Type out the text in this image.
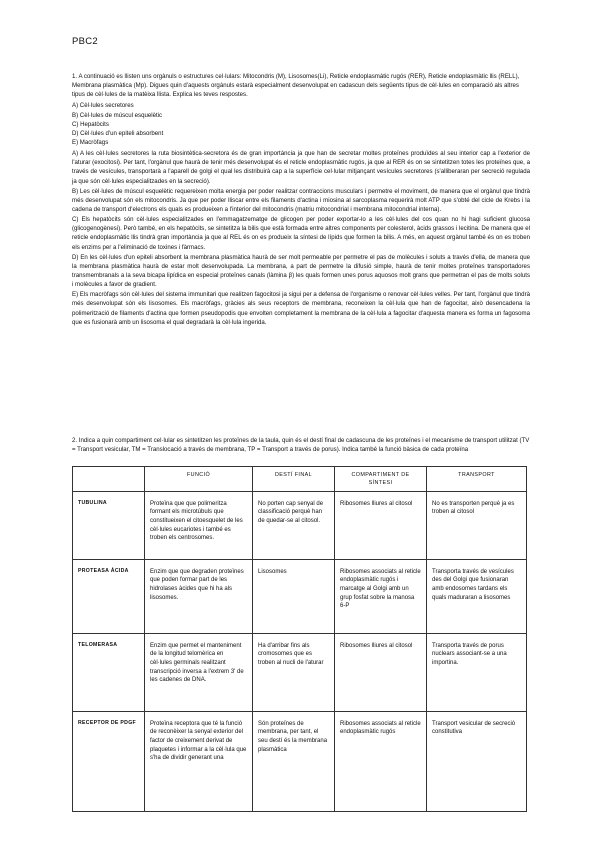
PBC2

1. A continuació es llisten uns orgànuls o estructures cel·lulars: Mitocondris (M), Lisosomes(Li), Reticle endoplasmàtic rugós (RER), Reticle endoplasmàtic llis (RELL), Membrana plasmàtica (Mp). Digues quin d'aquests orgànuls estarà especialment desenvolupat en cadascun dels següents tipus de cèl·lules en comparació als altres tipus de cèl·lules de la matèixa llista. Explica les teves respostes.

A) Cèl·lules secretores
B) Cèl·lules de múscul esquelètic
C) Hepatòcits
D) Cèl·lules d'un epiteli absorbent
E) Macròfags

A) A les cèl·lules secretores la ruta biosintètica-secretora és de gran importància ja que han de secretar moltes proteïnes produïdes al seu interior cap a l'exterior de l'aturar (exocitosi). Per tant, l'orgànul que haurà de tenir més desenvolupat és el reticle endoplasmàtic rugós, ja que al RER és on se sintetitzen totes les proteïnes que, a través de vesícules, transportarà a l'aparell de golgi el qual les distribuirà cap a la superfície cel·lular mitjançant vesícules secretores (s'alliberaran per secreció regulada ja que són cèl·lules especialitzades en la secreció).

B) Les cèl·lules de múscul esquelètic requereixen molta energia per poder realitzar contraccions musculars i permetre el moviment, de manera que el orgànul que tindrà més desenvolupat són els mitocondris. Ja que per poder lliscar entre els filaments d'actina i miosina al sarcoplasma requerirà molt ATP que s'obté del cicle de Krebs i la cadena de transport d'electrons els quals es produeixen a l'interior del mitocondris (matriu mitocondrial i membrana mitocondrial interna).

C) Els hepatòcits són cèl·lules especialitzades en l'emmagatzematge de glicogen per poder exportar-lo a les cèl·lules del cos quan no hi hagi suficient glucosa (glicogenogènesi). Però també, en els hepatòcits, se sintetitza la bilis que està formada entre altres components per colesterol, àcids grassos i lecitina. De manera que el reticle endoplasmàtic llis tindrà gran importància ja que al REL és on es produeix la síntesi de lípids que formen la bilis. A més, en aquest orgànul també és on es troben els enzims per a l'eliminació de toxines i fàrmacs.

D) En les cèl·lules d'un epiteli absorbent la membrana plasmàtica haurà de ser molt permeable per permetre el pas de molècules i soluts a través d'ella, de manera que la membrana plasmàtica haurà de estar molt desenvolupada. La membrana, a part de permetre la difusió simple, haurà de tenir moltes proteïnes transportadores transmembranals a la seva bicapa lipídica en especial proteïnes canals (làmina β) les quals formen unes porus aquosos molt grans que permetran el pas de molts soluts i molècules a favor de gradient.

E) Els macròfags són cèl·lules del sistema immunitari que realitzen fagocitosi ja sigui per a defensa de l'organisme o renovar cèl·lules velles. Per tant, l'orgànul que tindrà més desenvolupat són els lisosomes. Els macròfags, gràcies als seus receptors de membrana, reconeixen la cèl·lula que han de fagocitar, això desencadena la polimerització de filaments d'actina que formen pseudopodis que envolten completament la membrana de la cèl·lula a fagocitar d'aquesta manera es forma un fagosoma que es fusionarà amb un lisosoma el qual degradarà la cèl·lula ingerida.

2. Indica a quin compartiment cel·lular es sintetitzen les proteïnes de la taula, quin és el destí final de cadascuna de les proteïnes i el mecanisme de transport utilitzat (TV = Transport vesicular, TM = Translocació a través de membrana, TP = Transport a través de porus). Indica també la funció bàsica de cada proteïna

	FUNCIÓ	DESTÍ FINAL	COMPARTIMENT DE SÍNTESI	TRANSPORT
TUBULINA	Proteïna que que polimeritza formant els microtúbuls que constitueixen el citoesquelet de les cèl·lules eucariotes i també es troben els centrosomes.	No porten cap senyal de classificació perquè han de quedar-se al citosol.	Ribosomes lliures al citosol	No es transporten perquè ja es troben al citosol
PROTEASA ÀCIDA	Enzim que que degraden proteïnes que poden formar part de les hidrolases àcides que hi ha als lisosomes.	Lisosomes	Ribosomes associats al reticle endoplasmàtic rugós i marcatge al Golgi amb un grup fosfat sobre la manosa 6-P	Transporta través de vesícules des del Golgi que fusionaran amb endosomes tardans els quals maduraran a lisosomes
TELOMERASA	Enzim que permet el manteniment de la longitud telomèrica en cèl·lules germinals realitzant transcripció inversa a l'extrem 3' de les cadenes de DNA.	Ha d'arribar fins als cromosomes que es troben al nucli de l'aturar	Ribosomes lliures al citosol	Transporta través de porus nuclears associant-se a una importina.
RECEPTOR DE PDGF	Proteïna receptora que té la funció de reconèixer la senyal exterior del factor de creixement derivat de plaquetes i informar a la cèl·lula que s'ha de dividir generant una	Són proteïnes de membrana, per tant, el seu destí és la membrana plasmàtica	Ribosomes associats al reticle endoplasmàtic rugós	Transport vesicular de secreció constitutiva
